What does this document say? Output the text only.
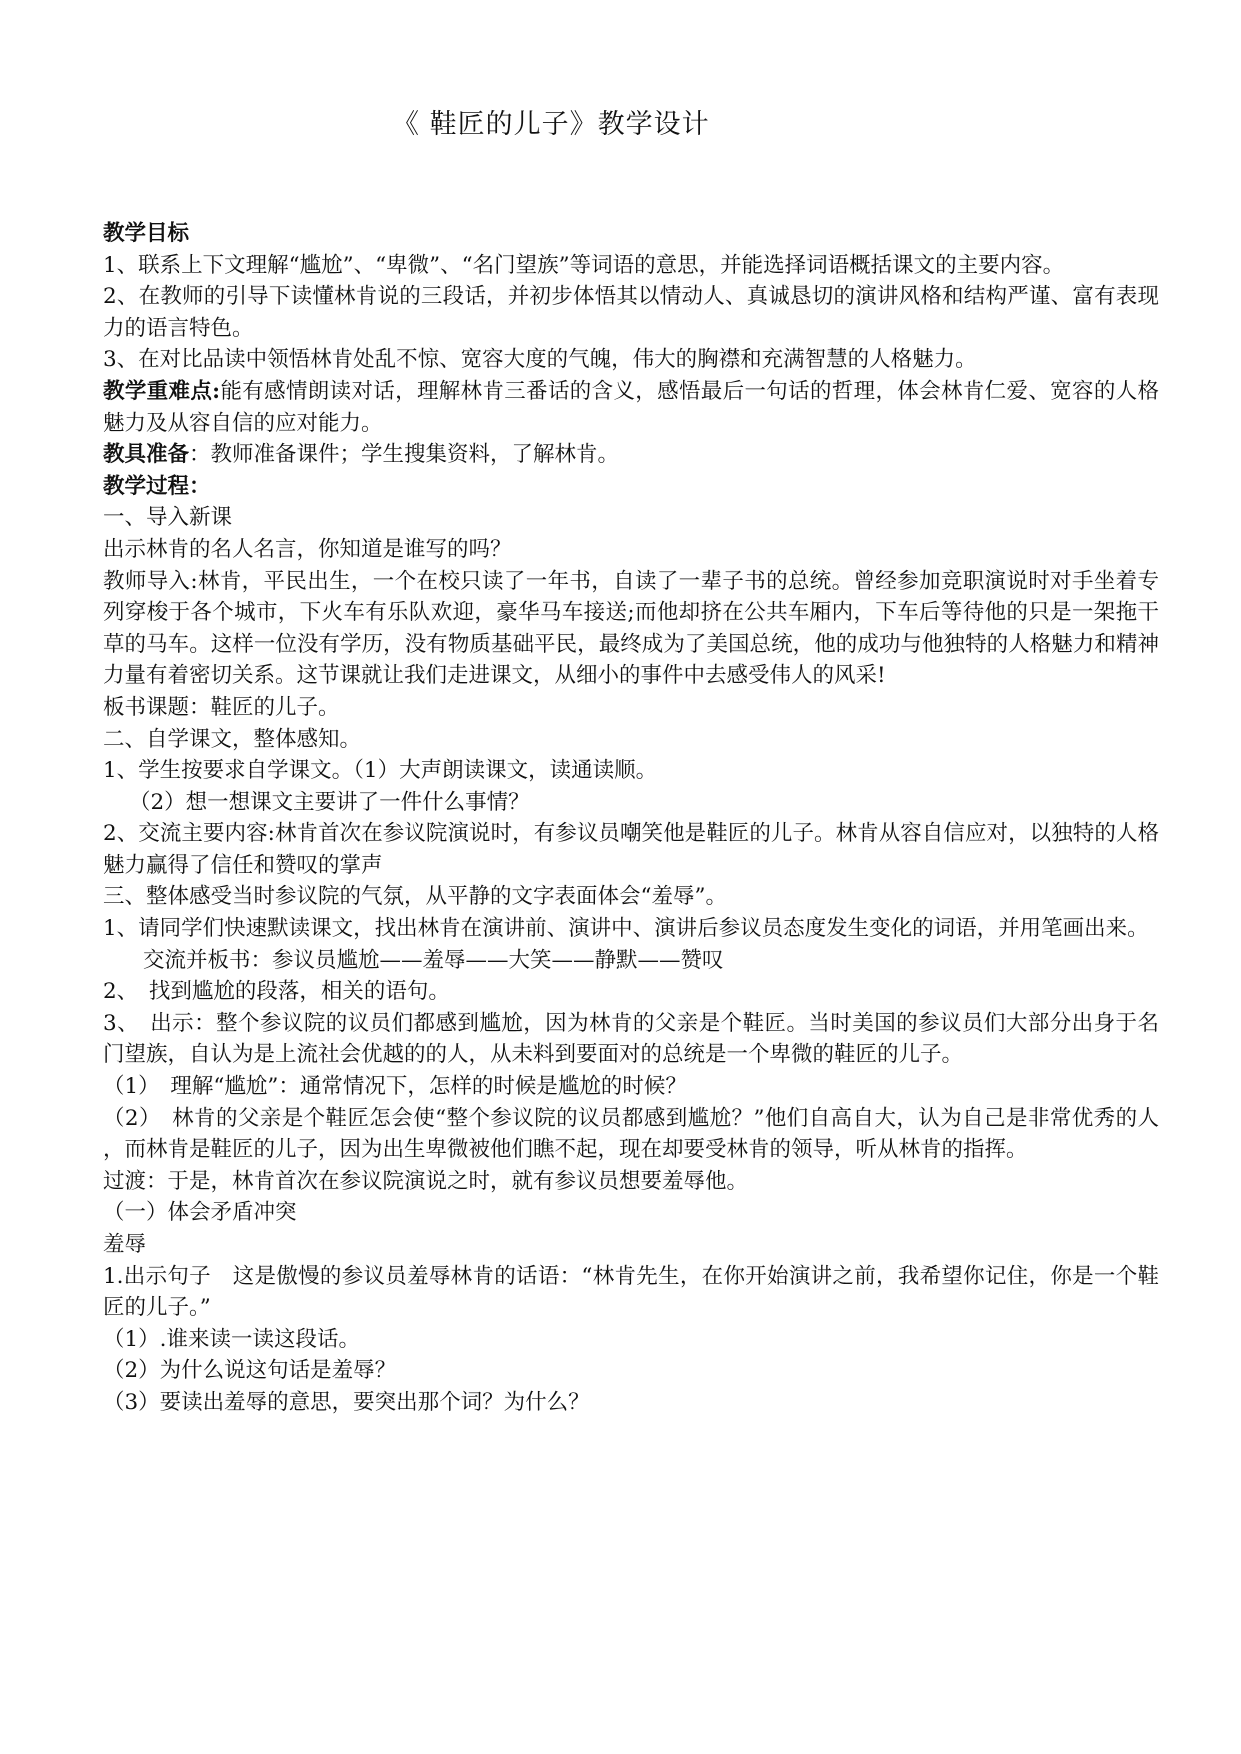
《 鞋匠的儿子》教学设计

教学目标

1、联系上下文理解“尴尬”、“卑微”、“名门望族”等词语的意思，并能选择词语概括课文的主要内容。

2、在教师的引导下读懂林肯说的三段话，并初步体悟其以情动人、真诚恳切的演讲风格和结构严谨、富有表现力的语言特色。

3、在对比品读中领悟林肯处乱不惊、宽容大度的气魄，伟大的胸襟和充满智慧的人格魅力。

教学重难点:能有感情朗读对话，理解林肯三番话的含义，感悟最后一句话的哲理，体会林肯仁爱、宽容的人格魅力及从容自信的应对能力。

教具准备：教师准备课件；学生搜集资料，了解林肯。

教学过程：

一、导入新课

出示林肯的名人名言，你知道是谁写的吗？

教师导入:林肯，平民出生，一个在校只读了一年书，自读了一辈子书的总统。曾经参加竞职演说时对手坐着专列穿梭于各个城市，下火车有乐队欢迎，豪华马车接送;而他却挤在公共车厢内，下车后等待他的只是一架拖干草的马车。这样一位没有学历，没有物质基础平民，最终成为了美国总统，他的成功与他独特的人格魅力和精神力量有着密切关系。这节课就让我们走进课文，从细小的事件中去感受伟人的风采!

板书课题：鞋匠的儿子。

二、自学课文，整体感知。

1、学生按要求自学课文。（1）大声朗读课文，读通读顺。

（2）想一想课文主要讲了一件什么事情？

2、交流主要内容:林肯首次在参议院演说时，有参议员嘲笑他是鞋匠的儿子。林肯从容自信应对，以独特的人格魅力赢得了信任和赞叹的掌声

三、整体感受当时参议院的气氛，从平静的文字表面体会“羞辱”。

1、请同学们快速默读课文，找出林肯在演讲前、演讲中、演讲后参议员态度发生变化的词语，并用笔画出来。

交流并板书：参议员尴尬——羞辱——大笑——静默——赞叹

2、　找到尴尬的段落，相关的语句。

3、　出示：整个参议院的议员们都感到尴尬，因为林肯的父亲是个鞋匠。当时美国的参议员们大部分出身于名门望族，自认为是上流社会优越的的人，从未料到要面对的总统是一个卑微的鞋匠的儿子。

（1）　理解“尴尬”：通常情况下，怎样的时候是尴尬的时候？

（2）　林肯的父亲是个鞋匠怎会使“整个参议院的议员都感到尴尬？”他们自高自大，认为自己是非常优秀的人，而林肯是鞋匠的儿子，因为出生卑微被他们瞧不起，现在却要受林肯的领导，听从林肯的指挥。

过渡：于是，林肯首次在参议院演说之时，就有参议员想要羞辱他。

（一）体会矛盾冲突

羞辱

1.出示句子　这是傲慢的参议员羞辱林肯的话语：“林肯先生，在你开始演讲之前，我希望你记住，你是一个鞋匠的儿子。”

（1）.谁来读一读这段话。

（2）为什么说这句话是羞辱？

（3）要读出羞辱的意思，要突出那个词？为什么？
